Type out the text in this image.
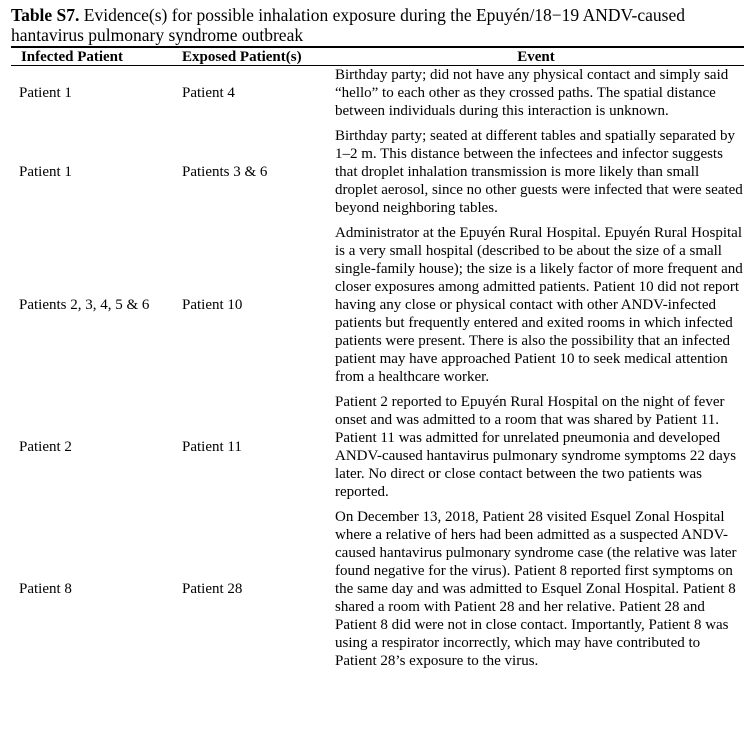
Table S7. Evidence(s) for possible inhalation exposure during the Epuyén/18−19 ANDV-caused hantavirus pulmonary syndrome outbreak
Infected Patient	Exposed Patient(s)	Event
Patient 1	Patient 4	Birthday party; did not have any physical contact and simply said “hello” to each other as they crossed paths. The spatial distance between individuals during this interaction is unknown.
Patient 1	Patients 3 & 6	Birthday party; seated at different tables and spatially separated by 1–2 m. This distance between the infectees and infector suggests that droplet inhalation transmission is more likely than small droplet aerosol, since no other guests were infected that were seated beyond neighboring tables.
Patients 2, 3, 4, 5 & 6	Patient 10	Administrator at the Epuyén Rural Hospital. Epuyén Rural Hospital is a very small hospital (described to be about the size of a small single-family house); the size is a likely factor of more frequent and closer exposures among admitted patients. Patient 10 did not report having any close or physical contact with other ANDV-infected patients but frequently entered and exited rooms in which infected patients were present. There is also the possibility that an infected patient may have approached Patient 10 to seek medical attention from a healthcare worker.
Patient 2	Patient 11	Patient 2 reported to Epuyén Rural Hospital on the night of fever onset and was admitted to a room that was shared by Patient 11. Patient 11 was admitted for unrelated pneumonia and developed ANDV-caused hantavirus pulmonary syndrome symptoms 22 days later. No direct or close contact between the two patients was reported.
Patient 8	Patient 28	On December 13, 2018, Patient 28 visited Esquel Zonal Hospital where a relative of hers had been admitted as a suspected ANDV-caused hantavirus pulmonary syndrome case (the relative was later found negative for the virus). Patient 8 reported first symptoms on the same day and was admitted to Esquel Zonal Hospital. Patient 8 shared a room with Patient 28 and her relative. Patient 28 and Patient 8 did were not in close contact. Importantly, Patient 8 was using a respirator incorrectly, which may have contributed to Patient 28’s exposure to the virus.
